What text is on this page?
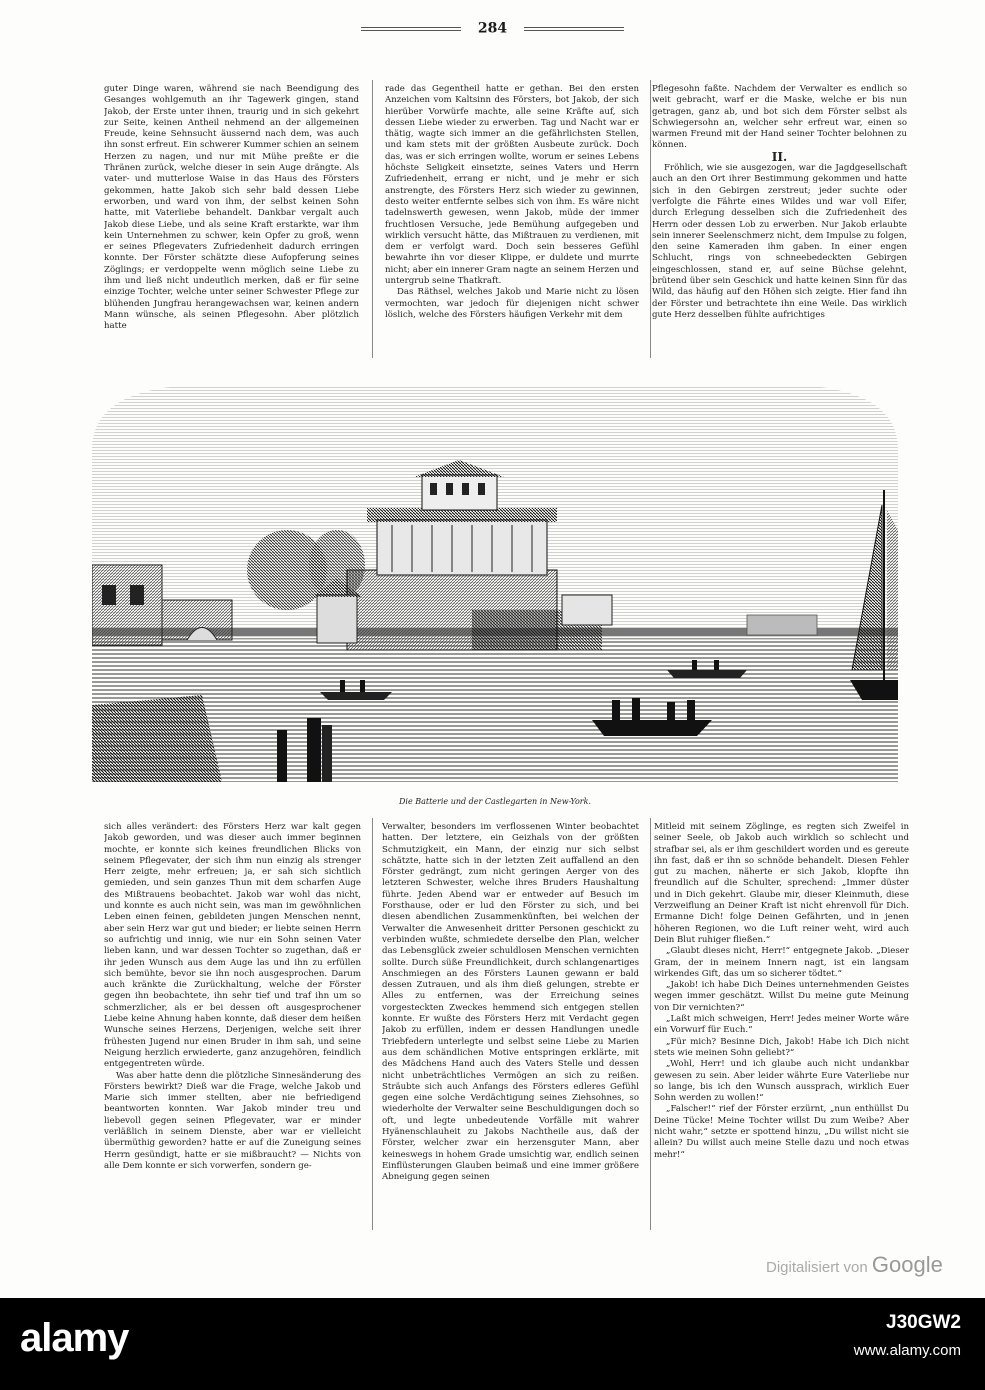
284

guter Dinge waren, während sie nach Beendigung des Gesanges wohlgemuth an ihr Tagewerk gingen, stand Jakob, der Erste unter ihnen, traurig und in sich gekehrt zur Seite, keinen Antheil nehmend an der allgemeinen Freude, keine Sehnsucht äussernd nach dem, was auch ihn sonst erfreut. Ein schwerer Kummer schien an seinem Herzen zu nagen, und nur mit Mühe preßte er die Thränen zurück, welche dieser in sein Auge drängte. Als vater- und mutterlose Waise in das Haus des Försters gekommen, hatte Jakob sich sehr bald dessen Liebe erworben, und ward von ihm, der selbst keinen Sohn hatte, mit Vaterliebe behandelt. Dankbar vergalt auch Jakob diese Liebe, und als seine Kraft erstarkte, war ihm kein Unternehmen zu schwer, kein Opfer zu groß, wenn er seines Pflegevaters Zufriedenheit dadurch erringen konnte. Der Förster schätzte diese Aufopferung seines Zöglings; er verdoppelte wenn möglich seine Liebe zu ihm und ließ nicht undeutlich merken, daß er für seine einzige Tochter, welche unter seiner Schwester Pflege zur blühenden Jungfrau herangewachsen war, keinen andern Mann wünsche, als seinen Pflegesohn. Aber plötzlich hatte

rade das Gegentheil hatte er gethan. Bei den ersten Anzeichen vom Kaltsinn des Försters, bot Jakob, der sich hierüber Vorwürfe machte, alle seine Kräfte auf, sich dessen Liebe wieder zu erwerben. Tag und Nacht war er thätig, wagte sich immer an die gefährlichsten Stellen, und kam stets mit der größten Ausbeute zurück. Doch das, was er sich erringen wollte, worum er seines Lebens höchste Seligkeit einsetzte, seines Vaters und Herrn Zufriedenheit, errang er nicht, und je mehr er sich anstrengte, des Försters Herz sich wieder zu gewinnen, desto weiter entfernte selbes sich von ihm. Es wäre nicht tadelnswerth gewesen, wenn Jakob, müde der immer fruchtlosen Versuche, jede Bemühung aufgegeben und wirklich versucht hätte, das Mißtrauen zu verdienen, mit dem er verfolgt ward. Doch sein besseres Gefühl bewahrte ihn vor dieser Klippe, er duldete und murrte nicht; aber ein innerer Gram nagte an seinem Herzen und untergrub seine Thatkraft.

Das Räthsel, welches Jakob und Marie nicht zu lösen vermochten, war jedoch für diejenigen nicht schwer löslich, welche des Försters häufigen Verkehr mit dem

Pflegesohn faßte. Nachdem der Verwalter es endlich so weit gebracht, warf er die Maske, welche er bis nun getragen, ganz ab, und bot sich dem Förster selbst als Schwiegersohn an, welcher sehr erfreut war, einen so warmen Freund mit der Hand seiner Tochter belohnen zu können.

II.

Fröhlich, wie sie ausgezogen, war die Jagdgesellschaft auch an den Ort ihrer Bestimmung gekommen und hatte sich in den Gebirgen zerstreut; jeder suchte oder verfolgte die Fährte eines Wildes und war voll Eifer, durch Erlegung desselben sich die Zufriedenheit des Herrn oder dessen Lob zu erwerben. Nur Jakob erlaubte sein innerer Seelenschmerz nicht, dem Impulse zu folgen, den seine Kameraden ihm gaben. In einer engen Schlucht, rings von schneebedeckten Gebirgen eingeschlossen, stand er, auf seine Büchse gelehnt, brütend über sein Geschick und hatte keinen Sinn für das Wild, das häufig auf den Höhen sich zeigte. Hier fand ihn der Förster und betrachtete ihn eine Weile. Das wirklich gute Herz desselben fühlte aufrichtiges

Die Batterie und der Castlegarten in New-York.

sich alles verändert: des Försters Herz war kalt gegen Jakob geworden, und was dieser auch immer beginnen mochte, er konnte sich keines freundlichen Blicks von seinem Pflegevater, der sich ihm nun einzig als strenger Herr zeigte, mehr erfreuen; ja, er sah sich sichtlich gemieden, und sein ganzes Thun mit dem scharfen Auge des Mißtrauens beobachtet. Jakob war wohl das nicht, und konnte es auch nicht sein, was man im gewöhnlichen Leben einen feinen, gebildeten jungen Menschen nennt, aber sein Herz war gut und bieder; er liebte seinen Herrn so aufrichtig und innig, wie nur ein Sohn seinen Vater lieben kann, und war dessen Tochter so zugethan, daß er ihr jeden Wunsch aus dem Auge las und ihn zu erfüllen sich bemühte, bevor sie ihn noch ausgesprochen. Darum auch kränkte die Zurückhaltung, welche der Förster gegen ihn beobachtete, ihn sehr tief und traf ihn um so schmerzlicher, als er bei dessen oft ausgesprochener Liebe keine Ahnung haben konnte, daß dieser dem heißen Wunsche seines Herzens, Derjenigen, welche seit ihrer frühesten Jugend nur einen Bruder in ihm sah, und seine Neigung herzlich erwiederte, ganz anzugehören, feindlich entgegentreten würde.

Was aber hatte denn die plötzliche Sinnesänderung des Försters bewirkt? Dieß war die Frage, welche Jakob und Marie sich immer stellten, aber nie befriedigend beantworten konnten. War Jakob minder treu und liebevoll gegen seinen Pflegevater, war er minder verläßlich in seinem Dienste, aber war er vielleicht übermüthig geworden? hatte er auf die Zuneigung seines Herrn gesündigt, hatte er sie mißbraucht? — Nichts von alle Dem konnte er sich vorwerfen, sondern ge-

Verwalter, besonders im verflossenen Winter beobachtet hatten. Der letztere, ein Geizhals von der größten Schmutzigkeit, ein Mann, der einzig nur sich selbst schätzte, hatte sich in der letzten Zeit auffallend an den Förster gedrängt, zum nicht geringen Aerger von des letzteren Schwester, welche ihres Bruders Haushaltung führte. Jeden Abend war er entweder auf Besuch im Forsthause, oder er lud den Förster zu sich, und bei diesen abendlichen Zusammenkünften, bei welchen der Verwalter die Anwesenheit dritter Personen geschickt zu verbinden wußte, schmiedete derselbe den Plan, welcher das Lebensglück zweier schuldlosen Menschen vernichten sollte. Durch süße Freundlichkeit, durch schlangenartiges Anschmiegen an des Försters Launen gewann er bald dessen Zutrauen, und als ihm dieß gelungen, strebte er Alles zu entfernen, was der Erreichung seines vorgesteckten Zweckes hemmend sich entgegen stellen konnte. Er wußte des Försters Herz mit Verdacht gegen Jakob zu erfüllen, indem er dessen Handlungen unedle Triebfedern unterlegte und selbst seine Liebe zu Marien aus dem schändlichen Motive entspringen erklärte, mit des Mädchens Hand auch des Vaters Stelle und dessen nicht unbeträchtliches Vermögen an sich zu reißen. Sträubte sich auch Anfangs des Försters edleres Gefühl gegen eine solche Verdächtigung seines Ziehsohnes, so wiederholte der Verwalter seine Beschuldigungen doch so oft, und legte unbedeutende Vorfälle mit wahrer Hyänenschlauheit zu Jakobs Nachtheile aus, daß der Förster, welcher zwar ein herzensguter Mann, aber keineswegs in hohem Grade umsichtig war, endlich seinen Einflüsterungen Glauben beimaß und eine immer größere Abneigung gegen seinen

Mitleid mit seinem Zöglinge, es regten sich Zweifel in seiner Seele, ob Jakob auch wirklich so schlecht und strafbar sei, als er ihm geschildert worden und es gereute ihn fast, daß er ihn so schnöde behandelt. Diesen Fehler gut zu machen, näherte er sich Jakob, klopfte ihn freundlich auf die Schulter, sprechend: „Immer düster und in Dich gekehrt. Glaube mir, dieser Kleinmuth, diese Verzweiflung an Deiner Kraft ist nicht ehrenvoll für Dich. Ermanne Dich! folge Deinen Gefährten, und in jenen höheren Regionen, wo die Luft reiner weht, wird auch Dein Blut ruhiger fließen.“

„Glaubt dieses nicht, Herr!“ entgegnete Jakob. „Dieser Gram, der in meinem Innern nagt, ist ein langsam wirkendes Gift, das um so sicherer tödtet.“

„Jakob! ich habe Dich Deines unternehmenden Geistes wegen immer geschätzt. Willst Du meine gute Meinung von Dir vernichten?“

„Laßt mich schweigen, Herr! Jedes meiner Worte wäre ein Vorwurf für Euch.“

„Für mich? Besinne Dich, Jakob! Habe ich Dich nicht stets wie meinen Sohn geliebt?“

„Wohl, Herr! und ich glaube auch nicht undankbar gewesen zu sein. Aber leider währte Eure Vaterliebe nur so lange, bis ich den Wunsch aussprach, wirklich Euer Sohn werden zu wollen!“

„Falscher!“ rief der Förster erzürnt, „nun enthüllst Du Deine Tücke! Meine Tochter willst Du zum Weibe? Aber nicht wahr,“ setzte er spottend hinzu, „Du willst nicht sie allein? Du willst auch meine Stelle dazu und noch etwas mehr!“

Digitalisiert von Google
alamy	J30GW2
www.alamy.com
